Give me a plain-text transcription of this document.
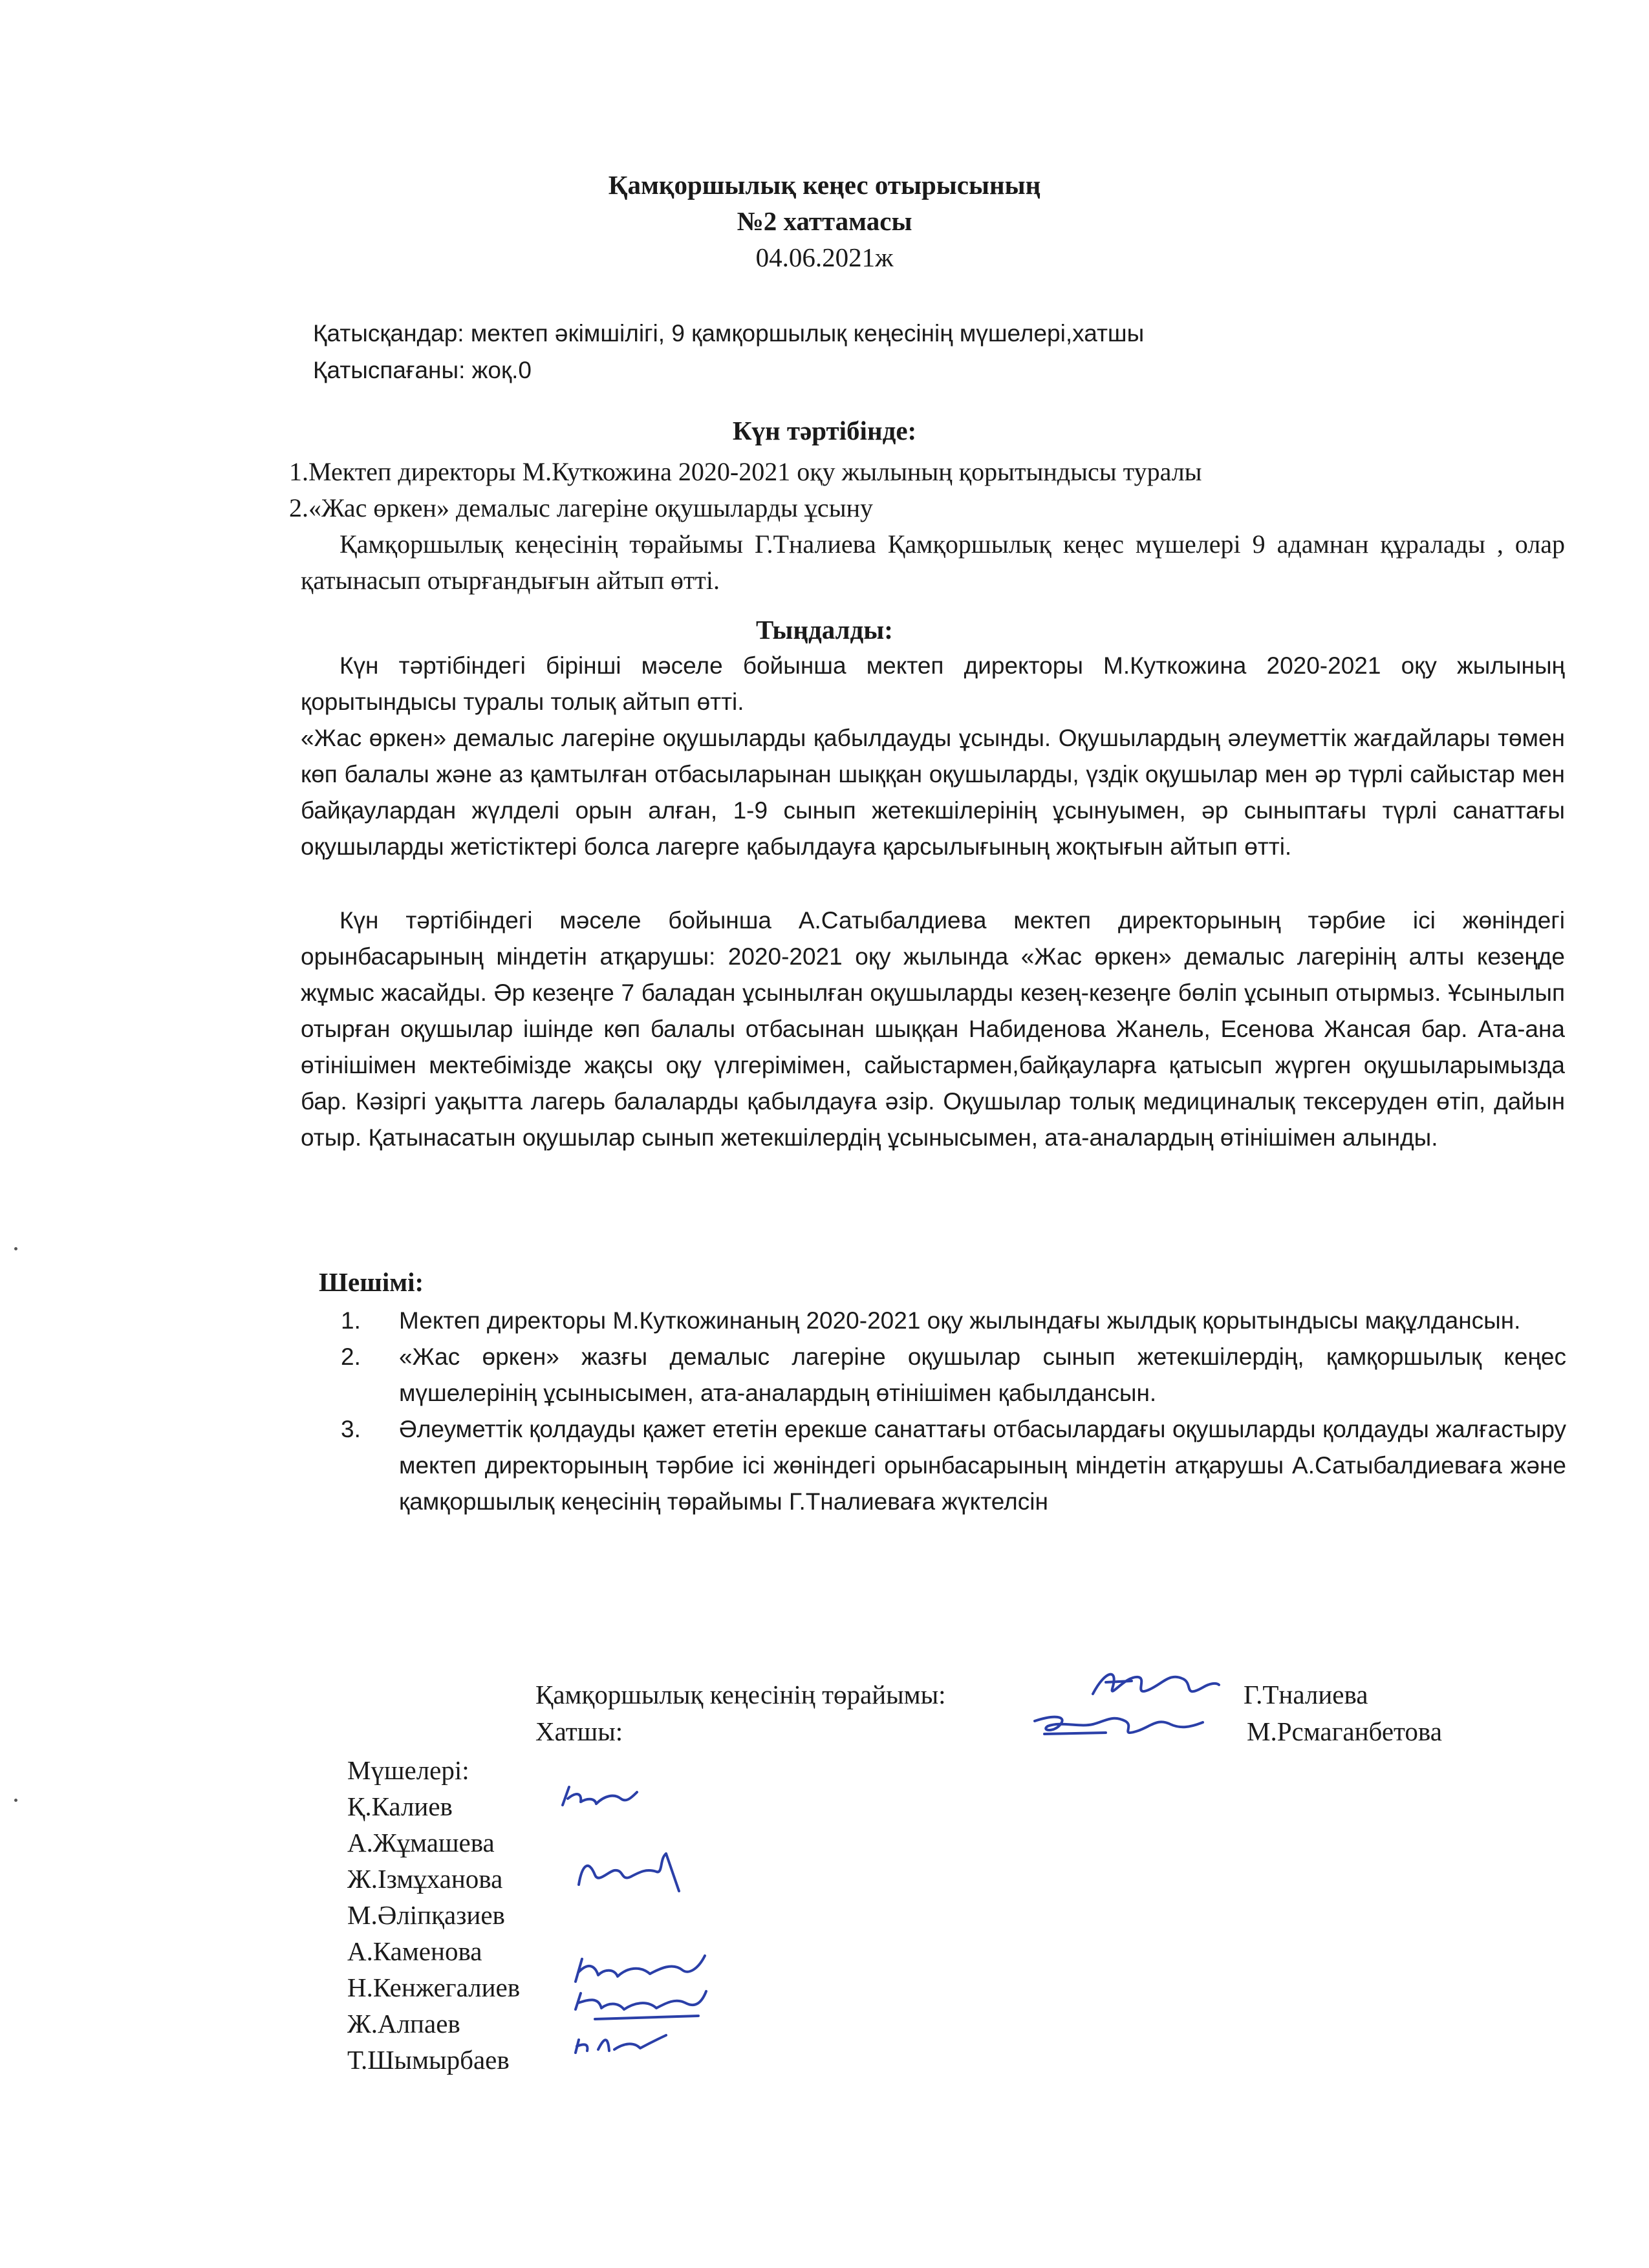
Қамқоршылық кеңес отырысының
№2 хаттамасы
04.06.2021ж
Қатысқандар: мектеп әкімшілігі, 9 қамқоршылық кеңесінің мүшелері,хатшы
Қатыспағаны: жоқ.0
Күн тәртібінде:
1.Мектеп директоры М.Куткожина 2020-2021 оқу жылының қорытындысы туралы
2.«Жас өркен» демалыс лагеріне оқушыларды ұсыну
Қамқоршылық кеңесінің төрайымы Г.Тналиева Қамқоршылық кеңес мүшелері 9 адамнан құралады , олар қатынасып отырғандығын айтып өтті.
Тыңдалды:
Күн тәртібіндегі бірінші мәселе бойынша мектеп директоры М.Куткожина 2020-2021 оқу жылының қорытындысы туралы толық айтып өтті.
«Жас өркен» демалыс лагеріне оқушыларды қабылдауды ұсынды. Оқушылардың әлеуметтік жағдайлары төмен көп балалы және аз қамтылған отбасыларынан шыққан оқушыларды, үздік оқушылар мен әр түрлі сайыстар мен байқаулардан жүлделі орын алған, 1-9 сынып жетекшілерінің ұсынуымен, әр сыныптағы түрлі санаттағы оқушыларды жетістіктері болса лагерге қабылдауға қарсылығының жоқтығын айтып өтті.
Күн тәртібіндегі мәселе бойынша А.Сатыбалдиева мектеп директорының тәрбие ісі жөніндегі орынбасарының міндетін атқарушы: 2020-2021 оқу жылында «Жас өркен» демалыс лагерінің алты кезеңде жұмыс жасайды. Әр кезеңге 7 баладан ұсынылған оқушыларды кезең-кезеңге бөліп ұсынып отырмыз. Ұсынылып отырған оқушылар ішінде көп балалы отбасынан шыққан Набиденова Жанель, Есенова Жансая бар. Ата-ана өтінішімен мектебімізде жақсы оқу үлгерімімен, сайыстармен,байқауларға қатысып жүрген оқушыларымызда бар. Кәзіргі уақытта лагерь балаларды қабылдауға әзір. Оқушылар толық медициналық тексеруден өтіп, дайын отыр. Қатынасатын оқушылар сынып жетекшілердің ұсынысымен, ата-аналардың өтінішімен алынды.
Шешімі:
1. Мектеп директоры М.Куткожинаның 2020-2021 оқу жылындағы жылдық қорытындысы мақұлдансын.
2. «Жас өркен» жазғы демалыс лагеріне оқушылар сынып жетекшілердің, қамқоршылық кеңес мүшелерінің ұсынысымен, ата-аналардың өтінішімен қабылдансын.
3. Әлеуметтік қолдауды қажет ететін ерекше санаттағы отбасылардағы оқушыларды қолдауды жалғастыру мектеп директорының тәрбие ісі жөніндегі орынбасарының міндетін атқарушы А.Сатыбалдиеваға және қамқоршылық кеңесінің төрайымы Г.Тналиеваға жүктелсін
Қамқоршылық кеңесінің төрайымы:	Г.Тналиева
Хатшы:	М.Рсмаганбетова
Мүшелері:
Қ.Калиев
А.Жұмашева
Ж.Ізмұханова
М.Әліпқазиев
А.Каменова
Н.Кенжегалиев
Ж.Алпаев
Т.Шымырбаев
